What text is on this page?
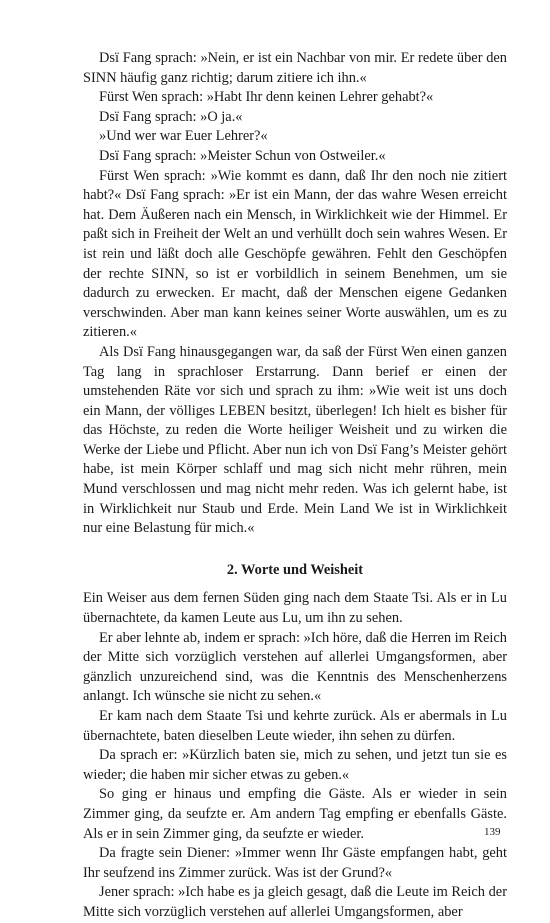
Dsï Fang sprach: »Nein, er ist ein Nachbar von mir. Er redete über den SINN häufig ganz richtig; darum zitiere ich ihn.«

Fürst Wen sprach: »Habt Ihr denn keinen Lehrer gehabt?«

Dsï Fang sprach: »O ja.«

»Und wer war Euer Lehrer?«

Dsï Fang sprach: »Meister Schun von Ostweiler.«

Fürst Wen sprach: »Wie kommt es dann, daß Ihr den noch nie zitiert habt?« Dsï Fang sprach: »Er ist ein Mann, der das wahre Wesen erreicht hat. Dem Äußeren nach ein Mensch, in Wirklichkeit wie der Himmel. Er paßt sich in Freiheit der Welt an und verhüllt doch sein wahres Wesen. Er ist rein und läßt doch alle Geschöpfe gewähren. Fehlt den Geschöpfen der rechte SINN, so ist er vorbildlich in seinem Benehmen, um sie dadurch zu erwecken. Er macht, daß der Menschen eigene Gedanken verschwinden. Aber man kann keines seiner Worte auswählen, um es zu zitieren.«

Als Dsï Fang hinausgegangen war, da saß der Fürst Wen einen ganzen Tag lang in sprachloser Erstarrung. Dann berief er einen der umstehenden Räte vor sich und sprach zu ihm: »Wie weit ist uns doch ein Mann, der völliges LEBEN besitzt, überlegen! Ich hielt es bisher für das Höchste, zu reden die Worte heiliger Weisheit und zu wirken die Werke der Liebe und Pflicht. Aber nun ich von Dsï Fang’s Meister gehört habe, ist mein Körper schlaff und mag sich nicht mehr rühren, mein Mund verschlossen und mag nicht mehr reden. Was ich gelernt habe, ist in Wirklichkeit nur Staub und Erde. Mein Land We ist in Wirklichkeit nur eine Belastung für mich.«

2. Worte und Weisheit

Ein Weiser aus dem fernen Süden ging nach dem Staate Tsi. Als er in Lu übernachtete, da kamen Leute aus Lu, um ihn zu sehen.

Er aber lehnte ab, indem er sprach: »Ich höre, daß die Herren im Reich der Mitte sich vorzüglich verstehen auf allerlei Umgangsformen, aber gänzlich unzureichend sind, was die Kenntnis des Menschenherzens anlangt. Ich wünsche sie nicht zu sehen.«

Er kam nach dem Staate Tsi und kehrte zurück. Als er abermals in Lu übernachtete, baten dieselben Leute wieder, ihn sehen zu dürfen.

Da sprach er: »Kürzlich baten sie, mich zu sehen, und jetzt tun sie es wieder; die haben mir sicher etwas zu geben.«

So ging er hinaus und empfing die Gäste. Als er wieder in sein Zimmer ging, da seufzte er. Am andern Tag empfing er ebenfalls Gäste. Als er in sein Zimmer ging, da seufzte er wieder.

Da fragte sein Diener: »Immer wenn Ihr Gäste empfangen habt, geht Ihr seufzend ins Zimmer zurück. Was ist der Grund?«

Jener sprach: »Ich habe es ja gleich gesagt, daß die Leute im Reich der Mitte sich vorzüglich verstehen auf allerlei Umgangsformen, aber

139
